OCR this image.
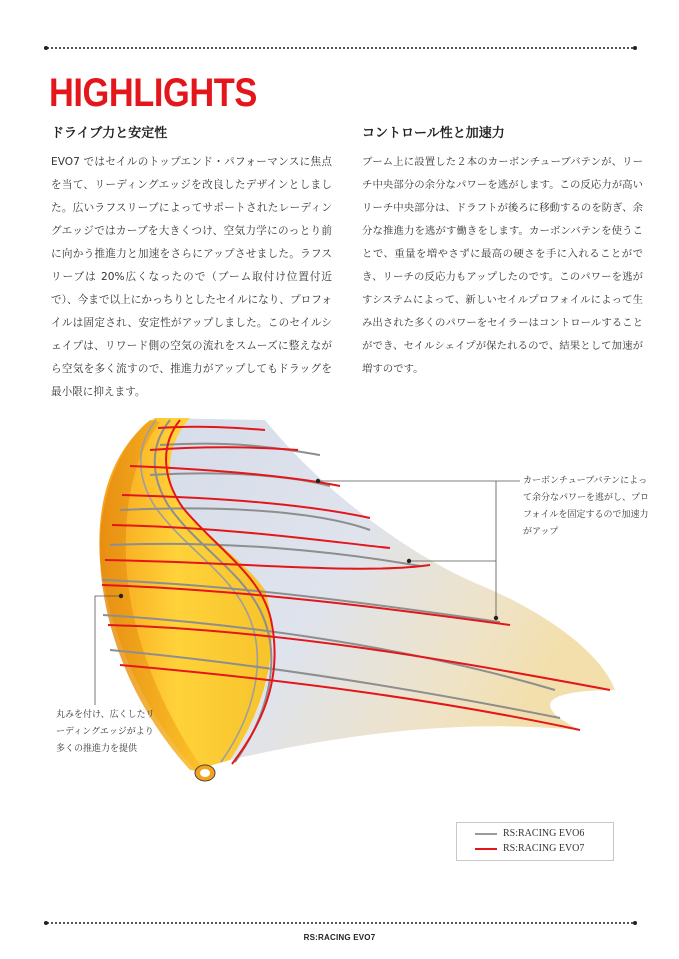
HIGHLIGHTS
ドライブ力と安定性

EVO7 ではセイルのトップエンド・パフォーマンスに焦点を当て、リーディングエッジを改良したデザインとしました。広いラフスリーブによってサポートされたレーディングエッジではカーブを大きくつけ、空気力学にのっとり前に向かう推進力と加速をさらにアップさせました。ラフスリーブは 20%広くなったので（ブーム取付け位置付近で）、今まで以上にかっちりとしたセイルになり、プロフォイルは固定され、安定性がアップしました。このセイルシェイプは、リワード側の空気の流れをスムーズに整えながら空気を多く流すので、推進力がアップしてもドラッグを最小限に抑えます。

コントロール性と加速力

ブーム上に設置した２本のカーボンチューブバテンが、リーチ中央部分の余分なパワーを逃がします。この反応力が高いリーチ中央部分は、ドラフトが後ろに移動するのを防ぎ、余分な推進力を逃がす働きをします。カーボンバテンを使うことで、重量を増やさずに最高の硬さを手に入れることができ、リーチの反応力もアップしたのです。このパワーを逃がすシステムによって、新しいセイルプロフォイルによって生み出された多くのパワーをセイラーはコントロールすることができ、セイルシェイプが保たれるので、結果として加速が増すのです。

カーボンチューブバテンによって余分なパワーを逃がし、プロフォイルを固定するので加速力がアップ

丸みを付け、広くしたリーディングエッジがより多くの推進力を提供

RS:RACING EVO6
RS:RACING EVO7
RS:RACING EVO7
